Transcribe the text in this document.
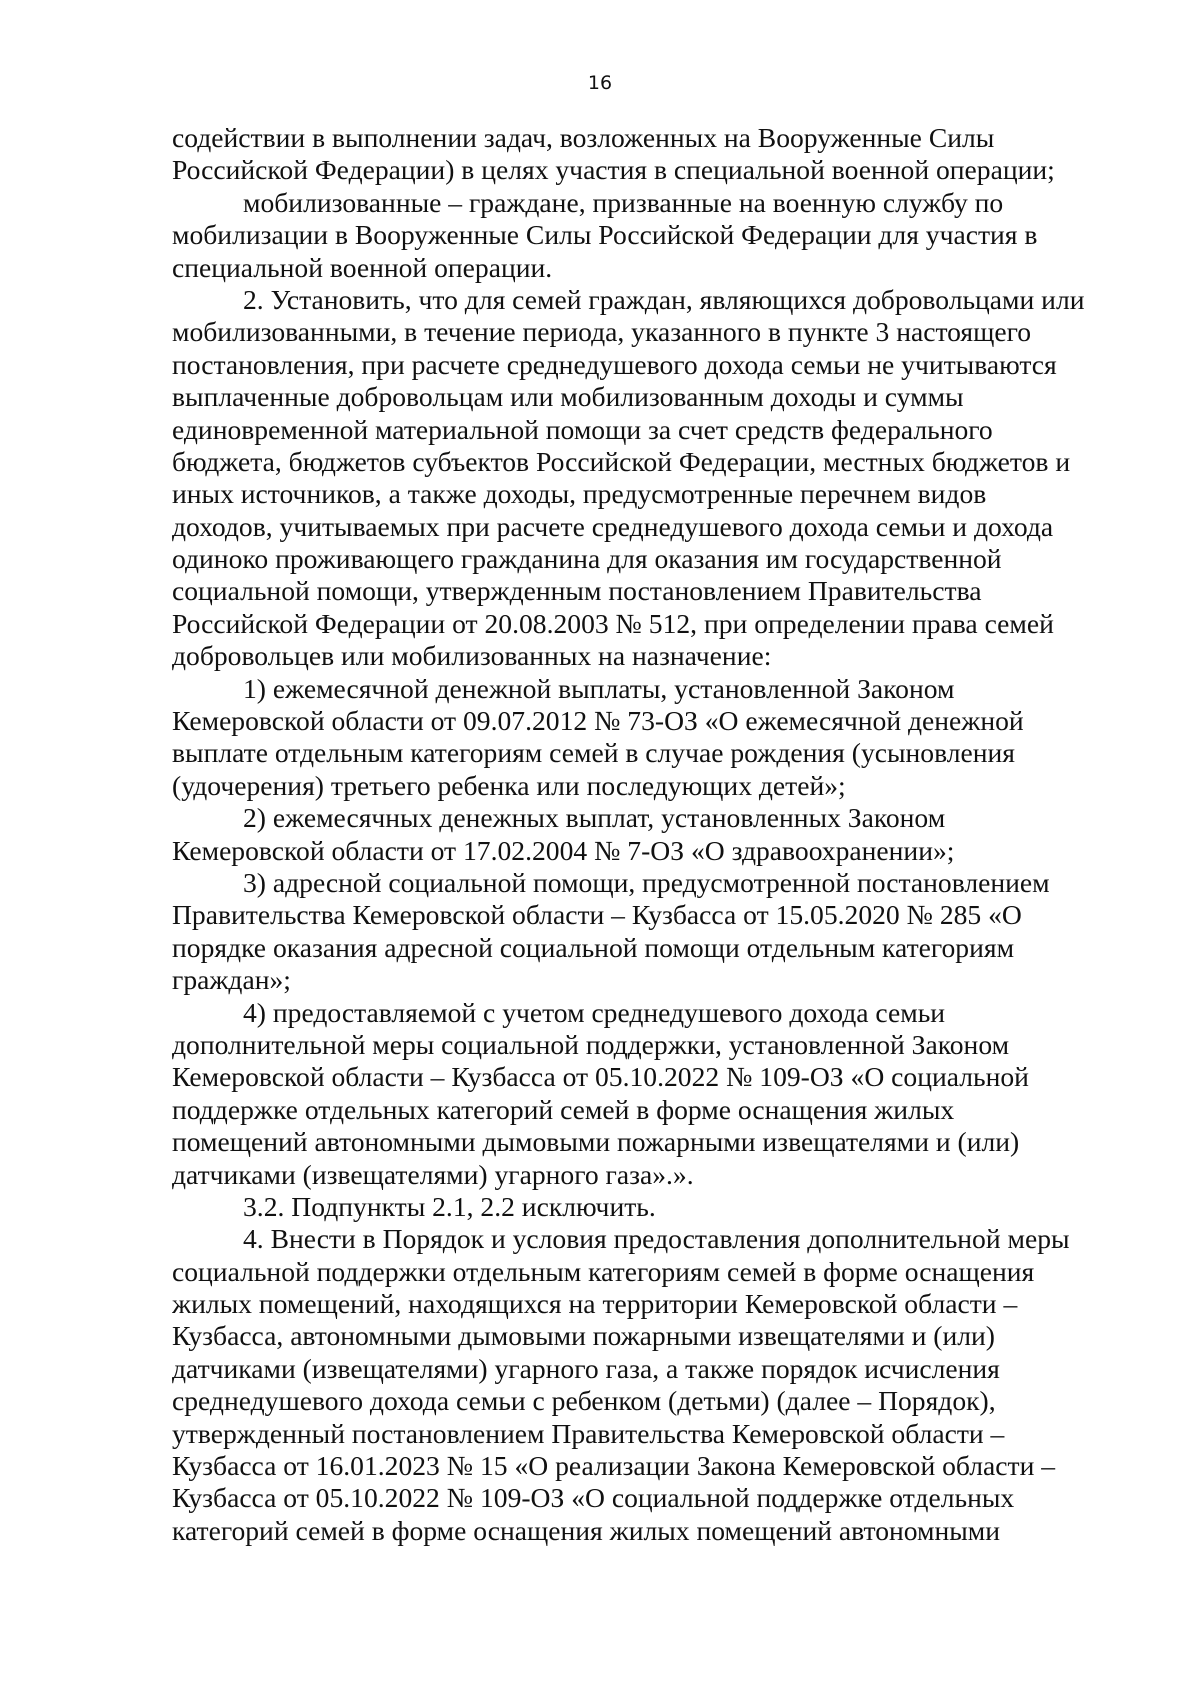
16
содействии в выполнении задач, возложенных на Вооруженные Силы
Российской Федерации) в целях участия в специальной военной операции;
мобилизованные – граждане, призванные на военную службу по
мобилизации в Вооруженные Силы Российской Федерации для участия в
специальной военной операции.
2. Установить, что для семей граждан, являющихся добровольцами или
мобилизованными, в течение периода, указанного в пункте 3 настоящего
постановления, при расчете среднедушевого дохода семьи не учитываются
выплаченные добровольцам или мобилизованным доходы и суммы
единовременной материальной помощи за счет средств федерального
бюджета, бюджетов субъектов Российской Федерации, местных бюджетов и
иных источников, а также доходы, предусмотренные перечнем видов
доходов, учитываемых при расчете среднедушевого дохода семьи и дохода
одиноко проживающего гражданина для оказания им государственной
социальной помощи, утвержденным постановлением Правительства
Российской Федерации от 20.08.2003 № 512, при определении права семей
добровольцев или мобилизованных на назначение:
1) ежемесячной денежной выплаты, установленной Законом
Кемеровской области от 09.07.2012 № 73-ОЗ «О ежемесячной денежной
выплате отдельным категориям семей в случае рождения (усыновления
(удочерения) третьего ребенка или последующих детей»;
2) ежемесячных денежных выплат, установленных Законом
Кемеровской области от 17.02.2004 № 7-ОЗ «О здравоохранении»;
3) адресной социальной помощи, предусмотренной постановлением
Правительства Кемеровской области – Кузбасса от 15.05.2020 № 285 «О
порядке оказания адресной социальной помощи отдельным категориям
граждан»;
4) предоставляемой с учетом среднедушевого дохода семьи
дополнительной меры социальной поддержки, установленной Законом
Кемеровской области – Кузбасса от 05.10.2022 № 109-ОЗ «О социальной
поддержке отдельных категорий семей в форме оснащения жилых
помещений автономными дымовыми пожарными извещателями и (или)
датчиками (извещателями) угарного газа».».
3.2. Подпункты 2.1, 2.2 исключить.
4. Внести в Порядок и условия предоставления дополнительной меры
социальной поддержки отдельным категориям семей в форме оснащения
жилых помещений, находящихся на территории Кемеровской области –
Кузбасса, автономными дымовыми пожарными извещателями и (или)
датчиками (извещателями) угарного газа, а также порядок исчисления
среднедушевого дохода семьи с ребенком (детьми) (далее – Порядок),
утвержденный постановлением Правительства Кемеровской области –
Кузбасса от 16.01.2023 № 15 «О реализации Закона Кемеровской области –
Кузбасса от 05.10.2022 № 109-ОЗ «О социальной поддержке отдельных
категорий семей в форме оснащения жилых помещений автономными
